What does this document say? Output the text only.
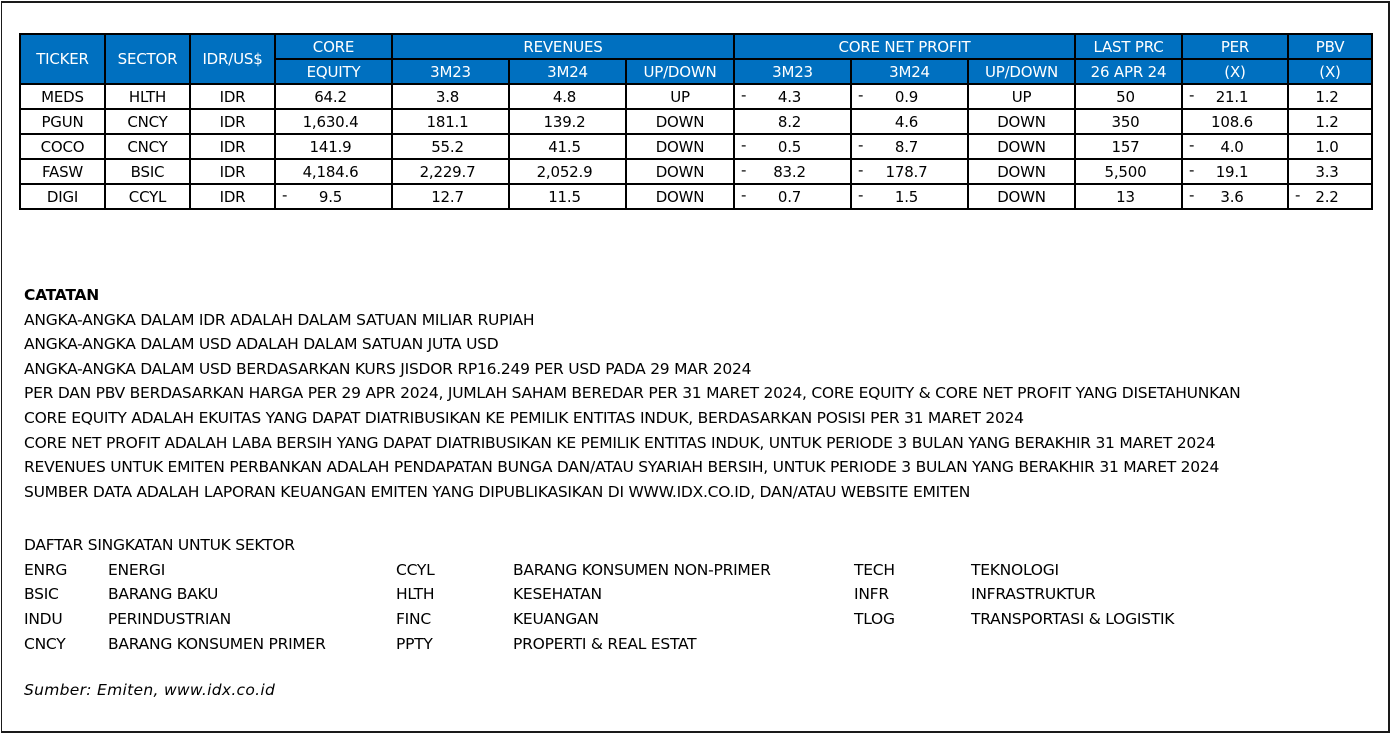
TICKER	SECTOR	IDR/US$	CORE	REVENUES			CORE NET PROFIT			LAST PRC	PER	PBV
			EQUITY	3M23	3M24	UP/DOWN	3M23	3M24	UP/DOWN	26 APR 24	(X)	(X)
MEDS	HLTH	IDR	64.2	3.8	4.8	UP	- 4.3	- 0.9	UP	50	- 21.1	1.2
PGUN	CNCY	IDR	1,630.4	181.1	139.2	DOWN	8.2	4.6	DOWN	350	108.6	1.2
COCO	CNCY	IDR	141.9	55.2	41.5	DOWN	- 0.5	- 8.7	DOWN	157	- 4.0	1.0
FASW	BSIC	IDR	4,184.6	2,229.7	2,052.9	DOWN	- 83.2	- 178.7	DOWN	5,500	- 19.1	3.3
DIGI	CCYL	IDR	- 9.5	12.7	11.5	DOWN	- 0.7	- 1.5	DOWN	13	- 3.6	- 2.2
CATATAN
ANGKA-ANGKA DALAM IDR ADALAH DALAM SATUAN MILIAR RUPIAH
ANGKA-ANGKA DALAM USD ADALAH DALAM SATUAN JUTA USD
ANGKA-ANGKA DALAM USD BERDASARKAN KURS JISDOR RP16.249 PER USD PADA 29 MAR 2024
PER DAN PBV BERDASARKAN HARGA PER 29 APR 2024, JUMLAH SAHAM BEREDAR PER 31 MARET 2024, CORE EQUITY & CORE NET PROFIT YANG DISETAHUNKAN
CORE EQUITY ADALAH EKUITAS YANG DAPAT DIATRIBUSIKAN KE PEMILIK ENTITAS INDUK, BERDASARKAN POSISI PER 31 MARET 2024
CORE NET PROFIT ADALAH LABA BERSIH YANG DAPAT DIATRIBUSIKAN KE PEMILIK ENTITAS INDUK, UNTUK PERIODE 3 BULAN YANG BERAKHIR 31 MARET 2024
REVENUES UNTUK EMITEN PERBANKAN ADALAH PENDAPATAN BUNGA DAN/ATAU SYARIAH BERSIH, UNTUK PERIODE 3 BULAN YANG BERAKHIR 31 MARET 2024
SUMBER DATA ADALAH LAPORAN KEUANGAN EMITEN YANG DIPUBLIKASIKAN DI WWW.IDX.CO.ID, DAN/ATAU WEBSITE EMITEN
DAFTAR SINGKATAN UNTUK SEKTOR
ENRG	ENERGI	CCYL	BARANG KONSUMEN NON-PRIMER	TECH	TEKNOLOGI
BSIC	BARANG BAKU	HLTH	KESEHATAN	INFR	INFRASTRUKTUR
INDU	PERINDUSTRIAN	FINC	KEUANGAN	TLOG	TRANSPORTASI & LOGISTIK
CNCY	BARANG KONSUMEN PRIMER	PPTY	PROPERTI & REAL ESTAT
Sumber: Emiten, www.idx.co.id
